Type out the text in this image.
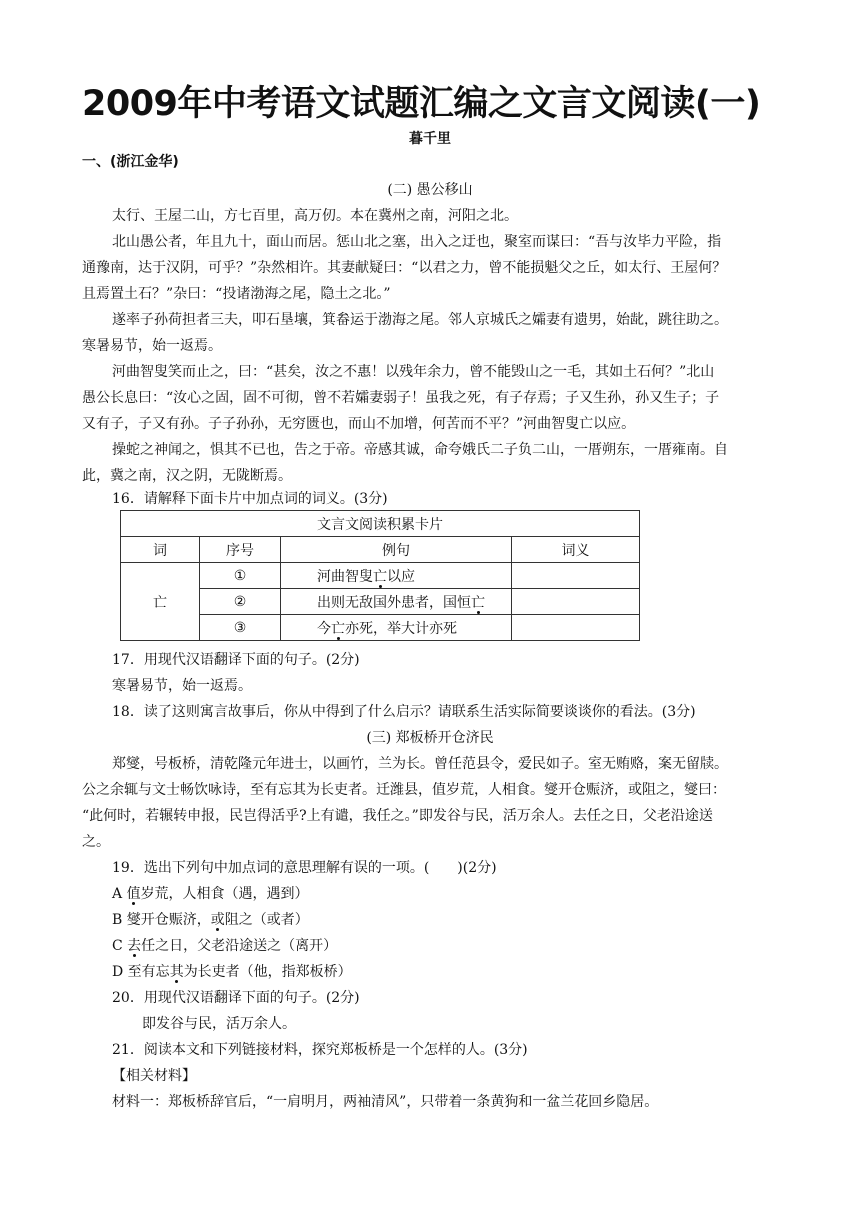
2009年中考语文试题汇编之文言文阅读(一)
暮千里
一、(浙江金华)
(二) 愚公移山
太行、王屋二山，方七百里，高万仞。本在冀州之南，河阳之北。
北山愚公者，年且九十，面山而居。惩山北之塞，出入之迂也，聚室而谋曰：“吾与汝毕力平险，指
通豫南，达于汉阴，可乎？”杂然相许。其妻献疑曰：“以君之力，曾不能损魁父之丘，如太行、王屋何？
且焉置土石？”杂曰：“投诸渤海之尾，隐土之北。”
遂率子孙荷担者三夫，叩石垦壤，箕畚运于渤海之尾。邻人京城氏之孀妻有遗男，始龀，跳往助之。
寒暑易节，始一返焉。
河曲智叟笑而止之，曰：“甚矣，汝之不惠！以残年余力，曾不能毁山之一毛，其如土石何？”北山
愚公长息曰：“汝心之固，固不可彻，曾不若孀妻弱子！虽我之死，有子存焉；子又生孙，孙又生子；子
又有子，子又有孙。子子孙孙，无穷匮也，而山不加增，何苦而不平？”河曲智叟亡以应。
操蛇之神闻之，惧其不已也，告之于帝。帝感其诚，命夸娥氏二子负二山，一厝朔东，一厝雍南。自
此，冀之南，汉之阴，无陇断焉。
16．请解释下面卡片中加点词的词义。(3分)
文言文阅读积累卡片			
词	序号	例句	词义
亡	①	河曲智叟亡以应	
	②	出则无敌国外患者，国恒亡	
	③	今亡亦死，举大计亦死	
17．用现代汉语翻译下面的句子。(2分)
寒暑易节，始一返焉。
18．读了这则寓言故事后，你从中得到了什么启示？请联系生活实际简要谈谈你的看法。(3分)
(三) 郑板桥开仓济民
郑燮，号板桥，清乾隆元年进士，以画竹，兰为长。曾任范县令，爱民如子。室无贿赂，案无留牍。
公之余辄与文士畅饮咏诗，至有忘其为长吏者。迁潍县，值岁荒，人相食。燮开仓赈济，或阻之，燮曰：
“此何时，若辗转申报，民岂得活乎?上有谴，我任之。”即发谷与民，活万余人。去任之日，父老沿途送
之。
19．选出下列句中加点词的意思理解有误的一项。(　　)(2分)
A 值岁荒，人相食（遇，遇到）
B 燮开仓赈济，或阻之（或者）
C 去任之日，父老沿途送之（离开）
D 至有忘其为长吏者（他，指郑板桥）
20．用现代汉语翻译下面的句子。(2分)
即发谷与民，活万余人。
21．阅读本文和下列链接材料，探究郑板桥是一个怎样的人。(3分)
【相关材料】
材料一：郑板桥辞官后，“一肩明月，两袖清风”，只带着一条黄狗和一盆兰花回乡隐居。
